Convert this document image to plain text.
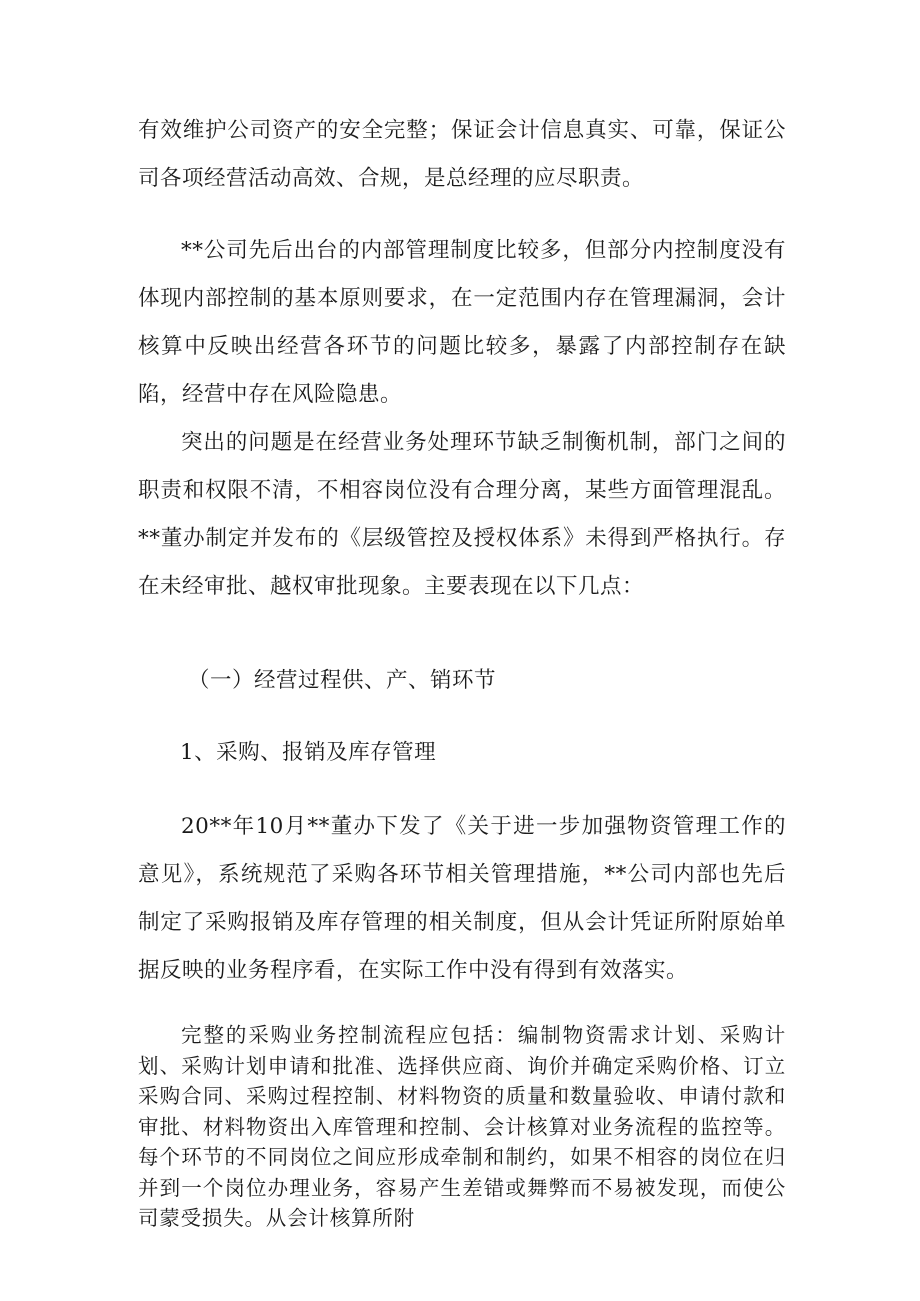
有效维护公司资产的安全完整；保证会计信息真实、可靠，保证公司各项经营活动高效、合规，是总经理的应尽职责。

**公司先后出台的内部管理制度比较多，但部分内控制度没有体现内部控制的基本原则要求，在一定范围内存在管理漏洞，会计核算中反映出经营各环节的问题比较多，暴露了内部控制存在缺陷，经营中存在风险隐患。

突出的问题是在经营业务处理环节缺乏制衡机制，部门之间的职责和权限不清，不相容岗位没有合理分离，某些方面管理混乱。**董办制定并发布的《层级管控及授权体系》未得到严格执行。存在未经审批、越权审批现象。主要表现在以下几点：

（一）经营过程供、产、销环节

1、采购、报销及库存管理

20**年10月**董办下发了《关于进一步加强物资管理工作的意见》，系统规范了采购各环节相关管理措施，**公司内部也先后制定了采购报销及库存管理的相关制度，但从会计凭证所附原始单据反映的业务程序看，在实际工作中没有得到有效落实。

完整的采购业务控制流程应包括：编制物资需求计划、采购计划、采购计划申请和批准、选择供应商、询价并确定采购价格、订立采购合同、采购过程控制、材料物资的质量和数量验收、申请付款和审批、材料物资出入库管理和控制、会计核算对业务流程的监控等。每个环节的不同岗位之间应形成牵制和制约，如果不相容的岗位在归并到一个岗位办理业务，容易产生差错或舞弊而不易被发现，而使公司蒙受损失。从会计核算所附
